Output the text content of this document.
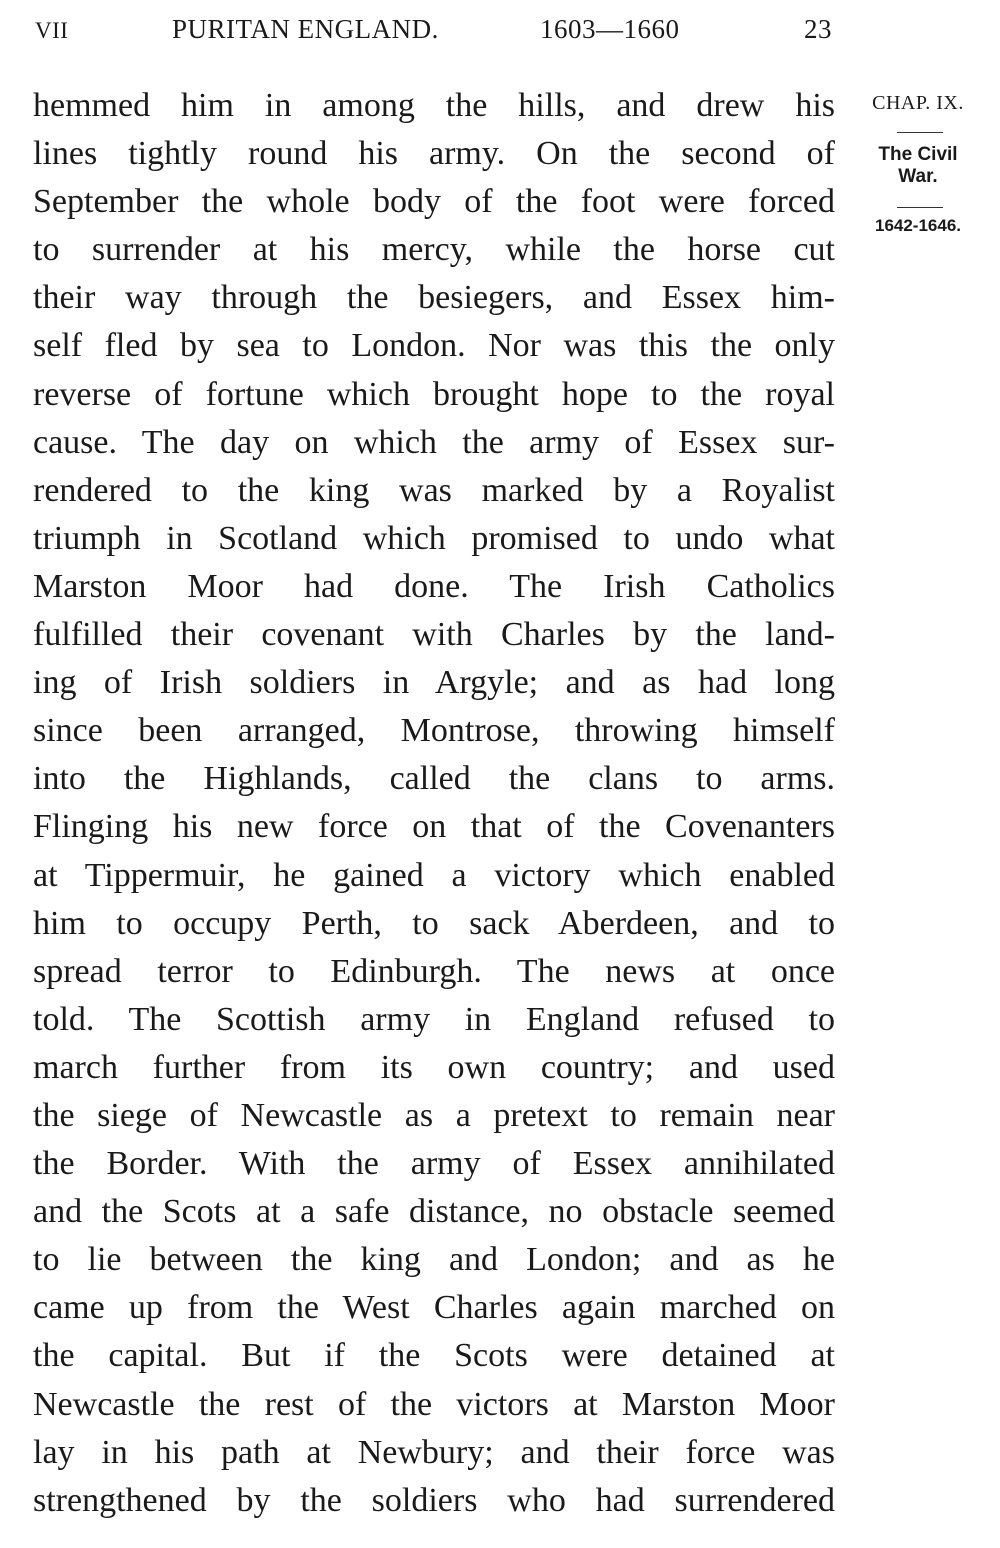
VII	PURITAN ENGLAND.	1603—1660	23
hemmed him in among the hills, and drew his
lines tightly round his army. On the second of
September the whole body of the foot were forced
to surrender at his mercy, while the horse cut
their way through the besiegers, and Essex him-
self fled by sea to London. Nor was this the only
reverse of fortune which brought hope to the royal
cause. The day on which the army of Essex sur-
rendered to the king was marked by a Royalist
triumph in Scotland which promised to undo what
Marston Moor had done. The Irish Catholics
fulfilled their covenant with Charles by the land-
ing of Irish soldiers in Argyle; and as had long
since been arranged, Montrose, throwing himself
into the Highlands, called the clans to arms.
Flinging his new force on that of the Covenanters
at Tippermuir, he gained a victory which enabled
him to occupy Perth, to sack Aberdeen, and to
spread terror to Edinburgh. The news at once
told. The Scottish army in England refused to
march further from its own country; and used
the siege of Newcastle as a pretext to remain near
the Border. With the army of Essex annihilated
and the Scots at a safe distance, no obstacle seemed
to lie between the king and London; and as he
came up from the West Charles again marched on
the capital. But if the Scots were detained at
Newcastle the rest of the victors at Marston Moor
lay in his path at Newbury; and their force was
strengthened by the soldiers who had surrendered
CHAP. IX.
The Civil
War.
1642-1646.
